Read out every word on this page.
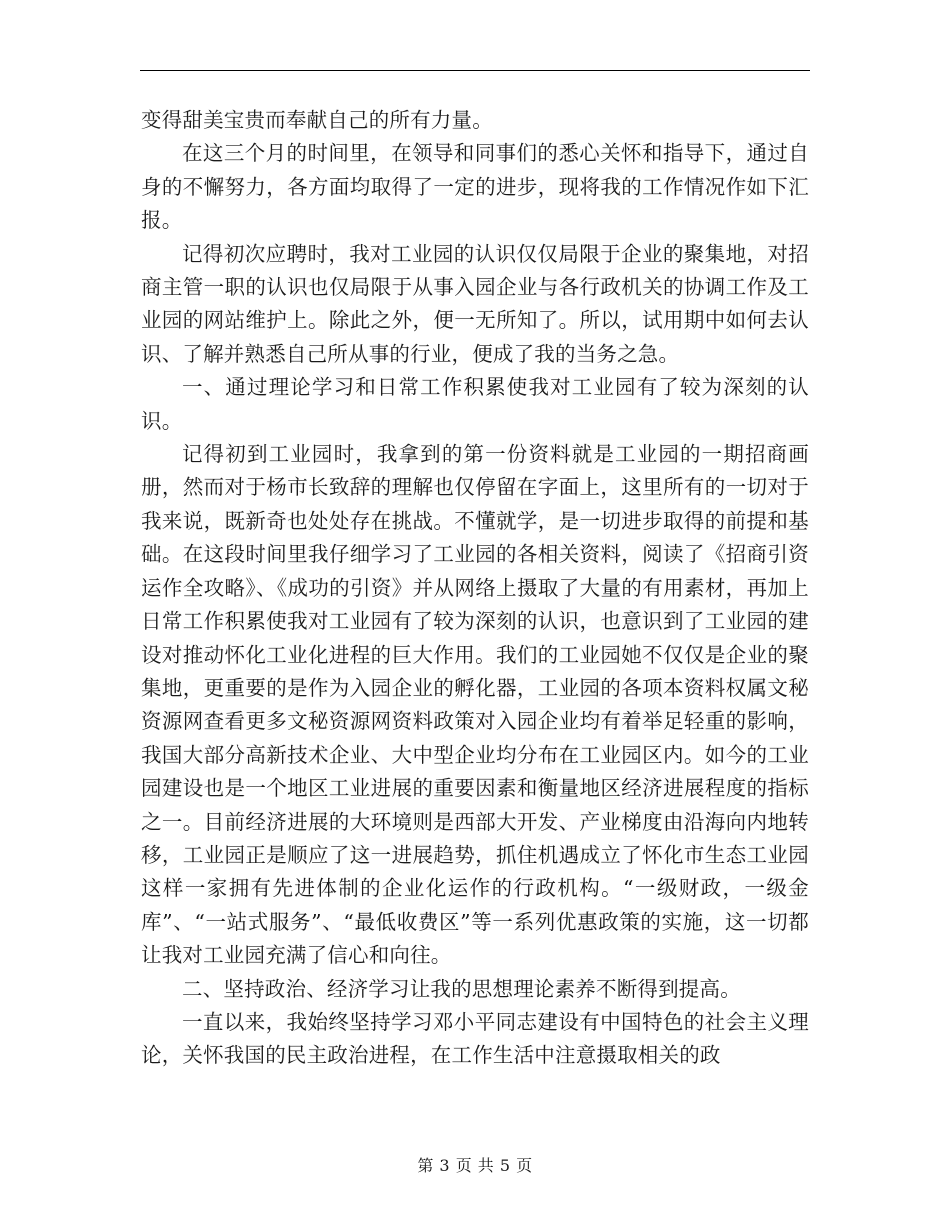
变得甜美宝贵而奉献自己的所有力量。

在这三个月的时间里，在领导和同事们的悉心关怀和指导下，通过自身的不懈努力，各方面均取得了一定的进步，现将我的工作情况作如下汇报。

记得初次应聘时，我对工业园的认识仅仅局限于企业的聚集地，对招商主管一职的认识也仅局限于从事入园企业与各行政机关的协调工作及工业园的网站维护上。除此之外，便一无所知了。所以，试用期中如何去认识、了解并熟悉自己所从事的行业，便成了我的当务之急。

一、通过理论学习和日常工作积累使我对工业园有了较为深刻的认识。

记得初到工业园时，我拿到的第一份资料就是工业园的一期招商画册，然而对于杨市长致辞的理解也仅停留在字面上，这里所有的一切对于我来说，既新奇也处处存在挑战。不懂就学，是一切进步取得的前提和基础。在这段时间里我仔细学习了工业园的各相关资料，阅读了《招商引资运作全攻略》、《成功的引资》并从网络上摄取了大量的有用素材，再加上日常工作积累使我对工业园有了较为深刻的认识，也意识到了工业园的建设对推动怀化工业化进程的巨大作用。我们的工业园她不仅仅是企业的聚集地，更重要的是作为入园企业的孵化器，工业园的各项本资料权属文秘资源网查看更多文秘资源网资料政策对入园企业均有着举足轻重的影响，我国大部分高新技术企业、大中型企业均分布在工业园区内。如今的工业园建设也是一个地区工业进展的重要因素和衡量地区经济进展程度的指标之一。目前经济进展的大环境则是西部大开发、产业梯度由沿海向内地转移，工业园正是顺应了这一进展趋势，抓住机遇成立了怀化市生态工业园这样一家拥有先进体制的企业化运作的行政机构。“一级财政，一级金库”、“一站式服务”、“最低收费区”等一系列优惠政策的实施，这一切都让我对工业园充满了信心和向往。

二、坚持政治、经济学习让我的思想理论素养不断得到提高。

一直以来，我始终坚持学习邓小平同志建设有中国特色的社会主义理论，关怀我国的民主政治进程，在工作生活中注意摄取相关的政

第 3 页 共 5 页
